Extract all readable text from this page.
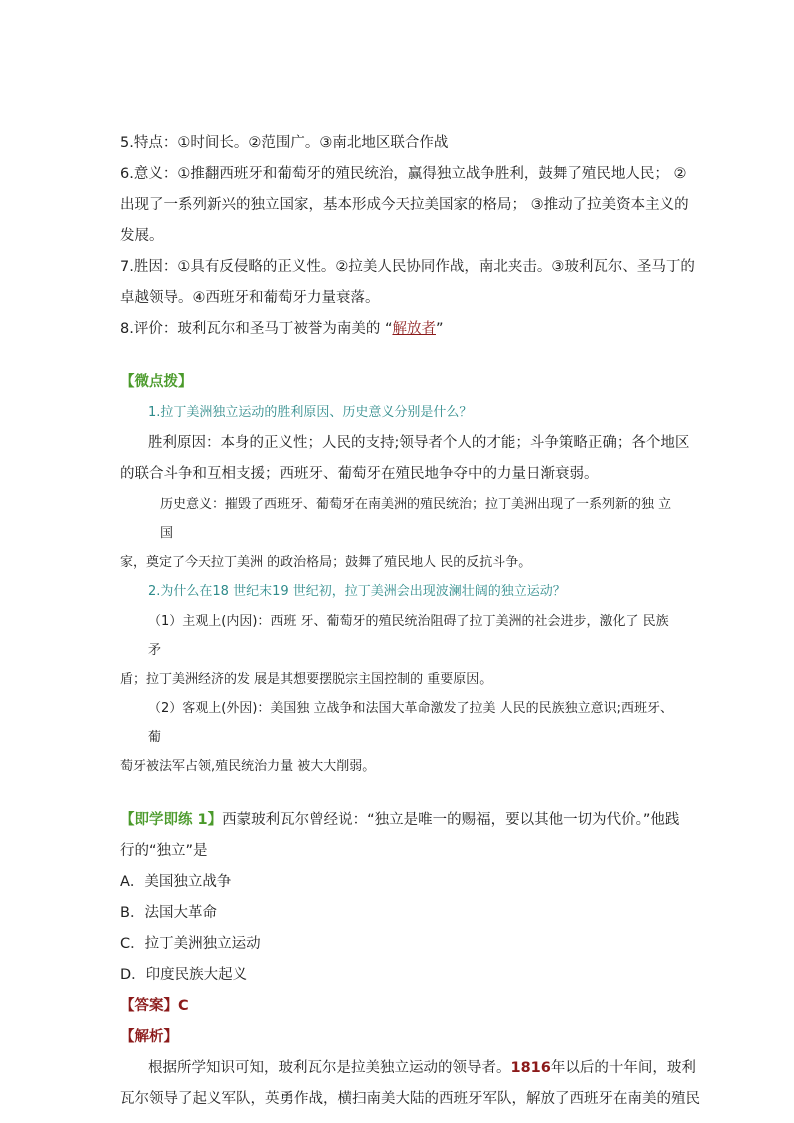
5.特点：①时间长。②范围广。③南北地区联合作战
6.意义：①推翻西班牙和葡萄牙的殖民统治，赢得独立战争胜利，鼓舞了殖民地人民； ②
出现了一系列新兴的独立国家，基本形成今天拉美国家的格局； ③推动了拉美资本主义的
发展。
7.胜因：①具有反侵略的正义性。②拉美人民协同作战，南北夹击。③玻利瓦尔、圣马丁的
卓越领导。④西班牙和葡萄牙力量衰落。
8.评价：玻利瓦尔和圣马丁被誉为南美的 “解放者”
【微点拨】
1.拉丁美洲独立运动的胜利原因、历史意义分别是什么？
胜利原因：本身的正义性；人民的支持;领导者个人的才能；斗争策略正确；各个地区
的联合斗争和互相支援；西班牙、葡萄牙在殖民地争夺中的力量日渐衰弱。
历史意义：摧毁了西班牙、葡萄牙在南美洲的殖民统治；拉丁美洲出现了一系列新的独 立国
家，奠定了今天拉丁美洲 的政治格局；鼓舞了殖民地人 民的反抗斗争。
2.为什么在18 世纪末19 世纪初，拉丁美洲会出现波澜壮阔的独立运动？
（1）主观上(内因)：西班 牙、葡萄牙的殖民统治阻碍了拉丁美洲的社会进步，激化了 民族矛
盾；拉丁美洲经济的发 展是其想要摆脱宗主国控制的 重要原因。
（2）客观上(外因)：美国独 立战争和法国大革命激发了拉美 人民的民族独立意识;西班牙、葡
萄牙被法军占领,殖民统治力量 被大大削弱。
【即学即练 1】西蒙玻利瓦尔曾经说：“独立是唯一的赐福，要以其他一切为代价。”他践
行的“独立”是
A．美国独立战争
B．法国大革命
C．拉丁美洲独立运动
D．印度民族大起义
【答案】C
【解析】
根据所学知识可知，玻利瓦尔是拉美独立运动的领导者。1816年以后的十年间，玻利
瓦尔领导了起义军队，英勇作战，横扫南美大陆的西班牙军队，解放了西班牙在南美的殖民
